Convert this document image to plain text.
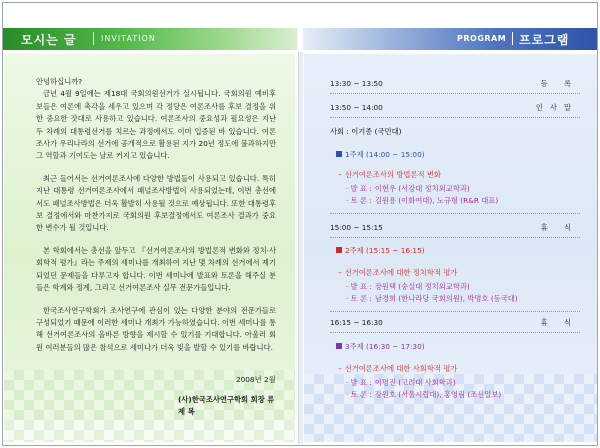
모시는 글	INVITATION	PROGRAM 프로그램

안녕하십니까?

금년 4월 9일에는 제18대 국회의원선거가 실시됩니다. 국회의원 예비후보들은 여론에 촉각을 세우고 있으며 각 정당은 여론조사를 후보 결정을 위한 중요한 잣대로 사용하고 있습니다. 여론조사의 중요성과 필요성은 지난 두 차례의 대통령선거를 치르는 과정에서도 이미 입증된 바 있습니다. 여론조사가 우리나라의 선거에 공개적으로 활용된 지가 20년 정도에 불과하지만 그 역할과 기여도는 날로 커지고 있습니다.

최근 들어서는 선거여론조사에 다양한 방법들이 사용되고 있습니다. 특히 지난 대통령 선거여론조사에서 패널조사방법이 사용되었는데, 이번 총선에서도 패널조사방법은 더욱 활발히 사용될 것으로 예상됩니다. 또한 대통령후보 결정에서와 마찬가지로 국회의원 후보결정에서도 여론조사 결과가 중요한 변수가 될 것입니다.

본 학회에서는 총선을 앞두고 『선거여론조사의 방법론적 변화와 정치·사회학적 평가』라는 주제의 세미나를 개최하여 지난 몇 차례의 선거에서 제기되었던 문제들을 다루고자 합니다. 이번 세미나에 발표와 토론을 해주실 분들은 학계와 정계, 그리고 선거여론조사 실무 전문가들입니다.

한국조사연구학회가 조사연구에 관심이 있는 다양한 분야의 전문가들로 구성되었기 때문에 이러한 세미나 개최가 가능하였습니다. 이번 세미나를 통해 선거여론조사의 올바른 방향을 제시할 수 있기를 기대합니다. 아울러 회원 여러분들의 많은 참석으로 세미나가 더욱 빛을 발할 수 있기를 바랍니다.

2008년 2월
(사)한국조사연구학회 회장 류 제 복
13:30 ~ 13:50	등 록
13:50 ~ 14:00	인사말
사회 : 이기종 (국민대)
1주제 (14:00 ~ 15:00)
– 선거여론조사의 방법론적 변화
· 발 표 : 이현우 (서강대 정치외교학과)
· 토 론 : 김원용 (이화여대), 노규형 (R&R 대표)
15:00 ~ 15:15	휴 식
2주제 (15:15 ~ 16:15)
– 선거여론조사에 대한 정치학적 평가
· 발 표 : 장원택 (숭실대 정치외교학과)
· 토 론 : 남경희 (한나라당 국회의원), 박명호 (동국대)
16:15 ~ 16:30	휴 식
3주제 (16:30 ~ 17:30)
– 선거여론조사에 대한 사회학적 평가
· 발 표 : 이명진 (고려대 사회학과)
· 토 론 : 장원호 (서울시립대), 홍영림 (조선일보)
